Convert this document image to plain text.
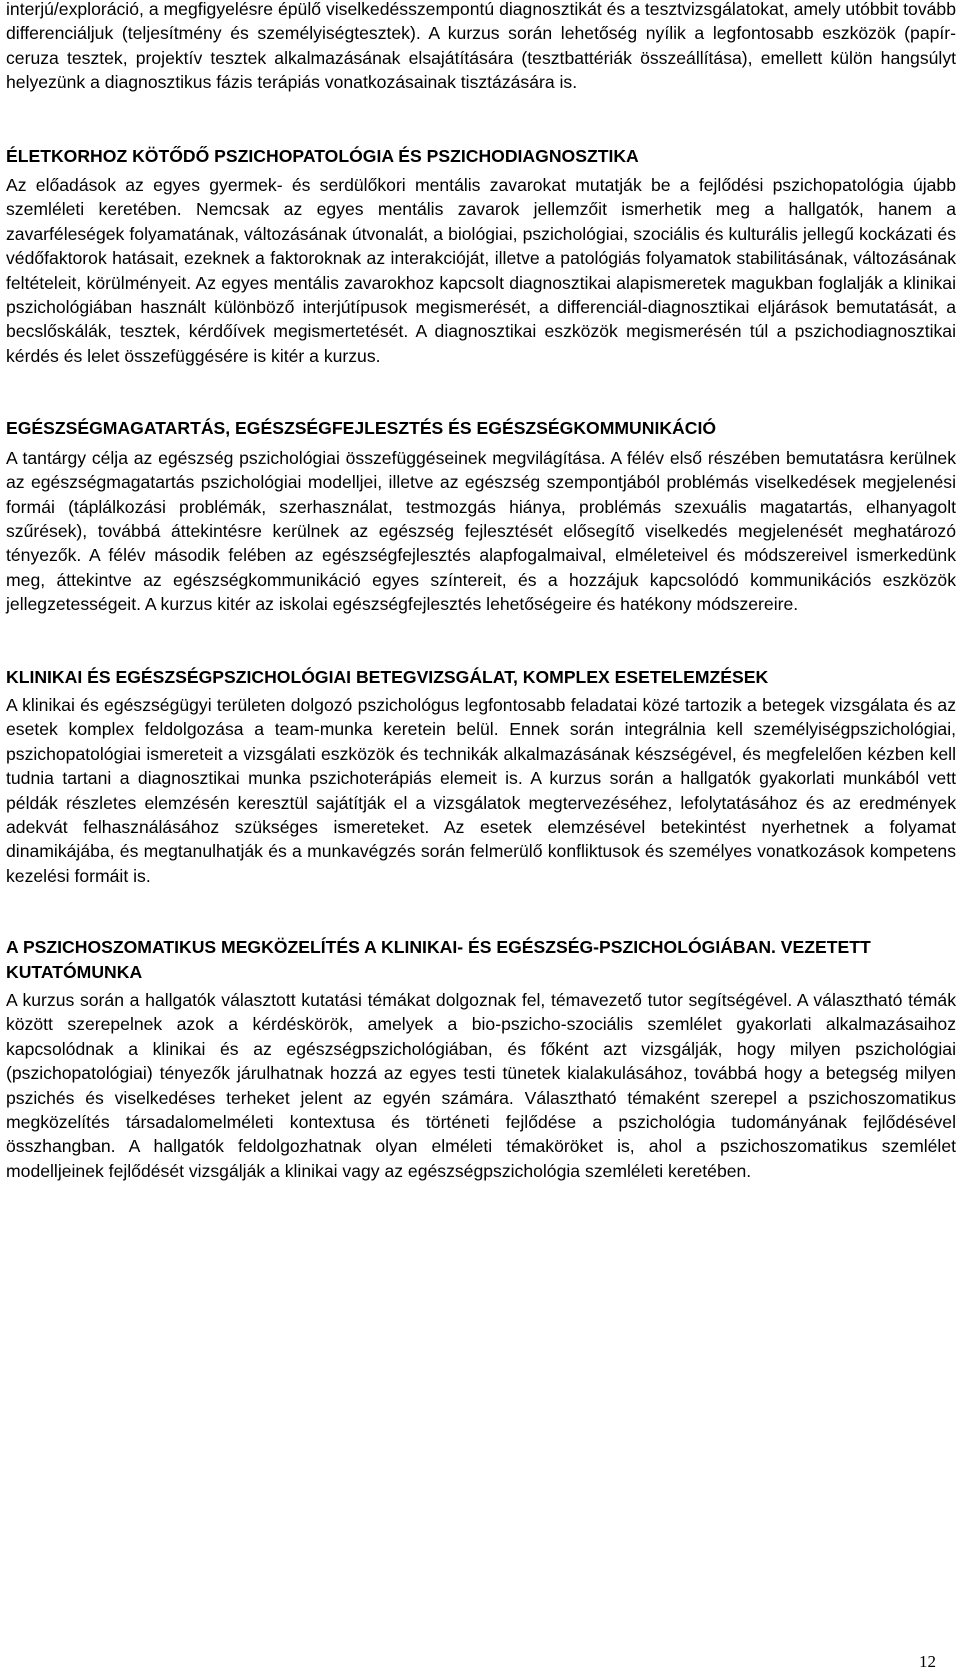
interjú/exploráció, a megfigyelésre épülő viselkedésszempontú diagnosztikát és a tesztvizsgálatokat, amely utóbbit tovább differenciáljuk (teljesítmény és személyiségtesztek). A kurzus során lehetőség nyílik a legfontosabb eszközök (papír-ceruza tesztek, projektív tesztek alkalmazásának elsajátítására (tesztbattériák összeállítása), emellett külön hangsúlyt helyezünk a diagnosztikus fázis terápiás vonatkozásainak tisztázására is.

ÉLETKORHOZ KÖTŐDŐ PSZICHOPATOLÓGIA ÉS PSZICHODIAGNOSZTIKA

Az előadások az egyes gyermek- és serdülőkori mentális zavarokat mutatják be a fejlődési pszichopatológia újabb szemléleti keretében. Nemcsak az egyes mentális zavarok jellemzőit ismerhetik meg a hallgatók, hanem a zavarféleségek folyamatának, változásának útvonalát, a biológiai, pszichológiai, szociális és kulturális jellegű kockázati és védőfaktorok hatásait, ezeknek a faktoroknak az interakcióját, illetve a patológiás folyamatok stabilitásának, változásának feltételeit, körülményeit. Az egyes mentális zavarokhoz kapcsolt diagnosztikai alapismeretek magukban foglalják a klinikai pszichológiában használt különböző interjútípusok megismerését, a differenciál-diagnosztikai eljárások bemutatását, a becslőskálák, tesztek, kérdőívek megismertetését. A diagnosztikai eszközök megismerésén túl a pszichodiagnosztikai kérdés és lelet összefüggésére is kitér a kurzus.

EGÉSZSÉGMAGATARTÁS, EGÉSZSÉGFEJLESZTÉS ÉS EGÉSZSÉGKOMMUNIKÁCIÓ

A tantárgy célja az egészség pszichológiai összefüggéseinek megvilágítása. A félév első részében bemutatásra kerülnek az egészségmagatartás pszichológiai modelljei, illetve az egészség szempontjából problémás viselkedések megjelenési formái (táplálkozási problémák, szerhasználat, testmozgás hiánya, problémás szexuális magatartás, elhanyagolt szűrések), továbbá áttekintésre kerülnek az egészség fejlesztését elősegítő viselkedés megjelenését meghatározó tényezők. A félév második felében az egészségfejlesztés alapfogalmaival, elméleteivel és módszereivel ismerkedünk meg, áttekintve az egészségkommunikáció egyes színtereit, és a hozzájuk kapcsolódó kommunikációs eszközök jellegzetességeit. A kurzus kitér az iskolai egészségfejlesztés lehetőségeire és hatékony módszereire.

KLINIKAI ÉS EGÉSZSÉGPSZICHOLÓGIAI BETEGVIZSGÁLAT, KOMPLEX ESETELEMZÉSEK

A klinikai és egészségügyi területen dolgozó pszichológus legfontosabb feladatai közé tartozik a betegek vizsgálata és az esetek komplex feldolgozása a team-munka keretein belül. Ennek során integrálnia kell személyiségpszichológiai, pszichopatológiai ismereteit a vizsgálati eszközök és technikák alkalmazásának készségével, és megfelelően kézben kell tudnia tartani a diagnosztikai munka pszichoterápiás elemeit is. A kurzus során a hallgatók gyakorlati munkából vett példák részletes elemzésén keresztül sajátítják el a vizsgálatok megtervezéséhez, lefolytatásához és az eredmények adekvát felhasználásához szükséges ismereteket. Az esetek elemzésével betekintést nyerhetnek a folyamat dinamikájába, és megtanulhatják és a munkavégzés során felmerülő konfliktusok és személyes vonatkozások kompetens kezelési formáit is.

A PSZICHOSZOMATIKUS MEGKÖZELÍTÉS A KLINIKAI- ÉS EGÉSZSÉG-PSZICHOLÓGIÁBAN. VEZETETT KUTATÓMUNKA

A kurzus során a hallgatók választott kutatási témákat dolgoznak fel, témavezető tutor segítségével. A választható témák között szerepelnek azok a kérdéskörök, amelyek a bio-pszicho-szociális szemlélet gyakorlati alkalmazásaihoz kapcsolódnak a klinikai és az egészségpszichológiában, és főként azt vizsgálják, hogy milyen pszichológiai (pszichopatológiai) tényezők járulhatnak hozzá az egyes testi tünetek kialakulásához, továbbá hogy a betegség milyen pszichés és viselkedéses terheket jelent az egyén számára. Választható témaként szerepel a pszichoszomatikus megközelítés társadalomelméleti kontextusa és történeti fejlődése a pszichológia tudományának fejlődésével összhangban. A hallgatók feldolgozhatnak olyan elméleti témaköröket is, ahol a pszichoszomatikus szemlélet modelljeinek fejlődését vizsgálják a klinikai vagy az egészségpszichológia szemléleti keretében.

12
